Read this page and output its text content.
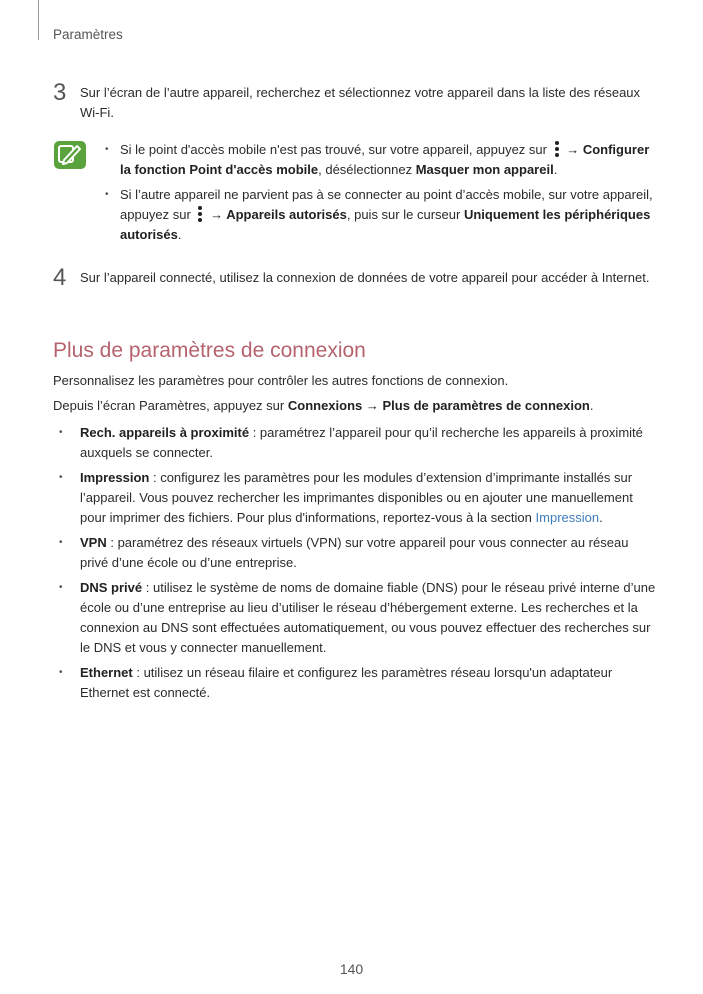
Paramètres
3 Sur l’écran de l’autre appareil, recherchez et sélectionnez votre appareil dans la liste des réseaux Wi-Fi.
• Si le point d'accès mobile n'est pas trouvé, sur votre appareil, appuyez sur → Configurer la fonction Point d'accès mobile, désélectionnez Masquer mon appareil.
• Si l’autre appareil ne parvient pas à se connecter au point d’accès mobile, sur votre appareil, appuyez sur → Appareils autorisés, puis sur le curseur Uniquement les périphériques autorisés.
4 Sur l’appareil connecté, utilisez la connexion de données de votre appareil pour accéder à Internet.
Plus de paramètres de connexion
Personnalisez les paramètres pour contrôler les autres fonctions de connexion.
Depuis l’écran Paramètres, appuyez sur Connexions → Plus de paramètres de connexion.
• Rech. appareils à proximité : paramétrez l’appareil pour qu’il recherche les appareils à proximité auxquels se connecter.
• Impression : configurez les paramètres pour les modules d’extension d’imprimante installés sur l’appareil. Vous pouvez rechercher les imprimantes disponibles ou en ajouter une manuellement pour imprimer des fichiers. Pour plus d'informations, reportez-vous à la section Impression.
• VPN : paramétrez des réseaux virtuels (VPN) sur votre appareil pour vous connecter au réseau privé d’une école ou d’une entreprise.
• DNS privé : utilisez le système de noms de domaine fiable (DNS) pour le réseau privé interne d’une école ou d’une entreprise au lieu d’utiliser le réseau d’hébergement externe. Les recherches et la connexion au DNS sont effectuées automatiquement, ou vous pouvez effectuer des recherches sur le DNS et vous y connecter manuellement.
• Ethernet : utilisez un réseau filaire et configurez les paramètres réseau lorsqu'un adaptateur Ethernet est connecté.
140
